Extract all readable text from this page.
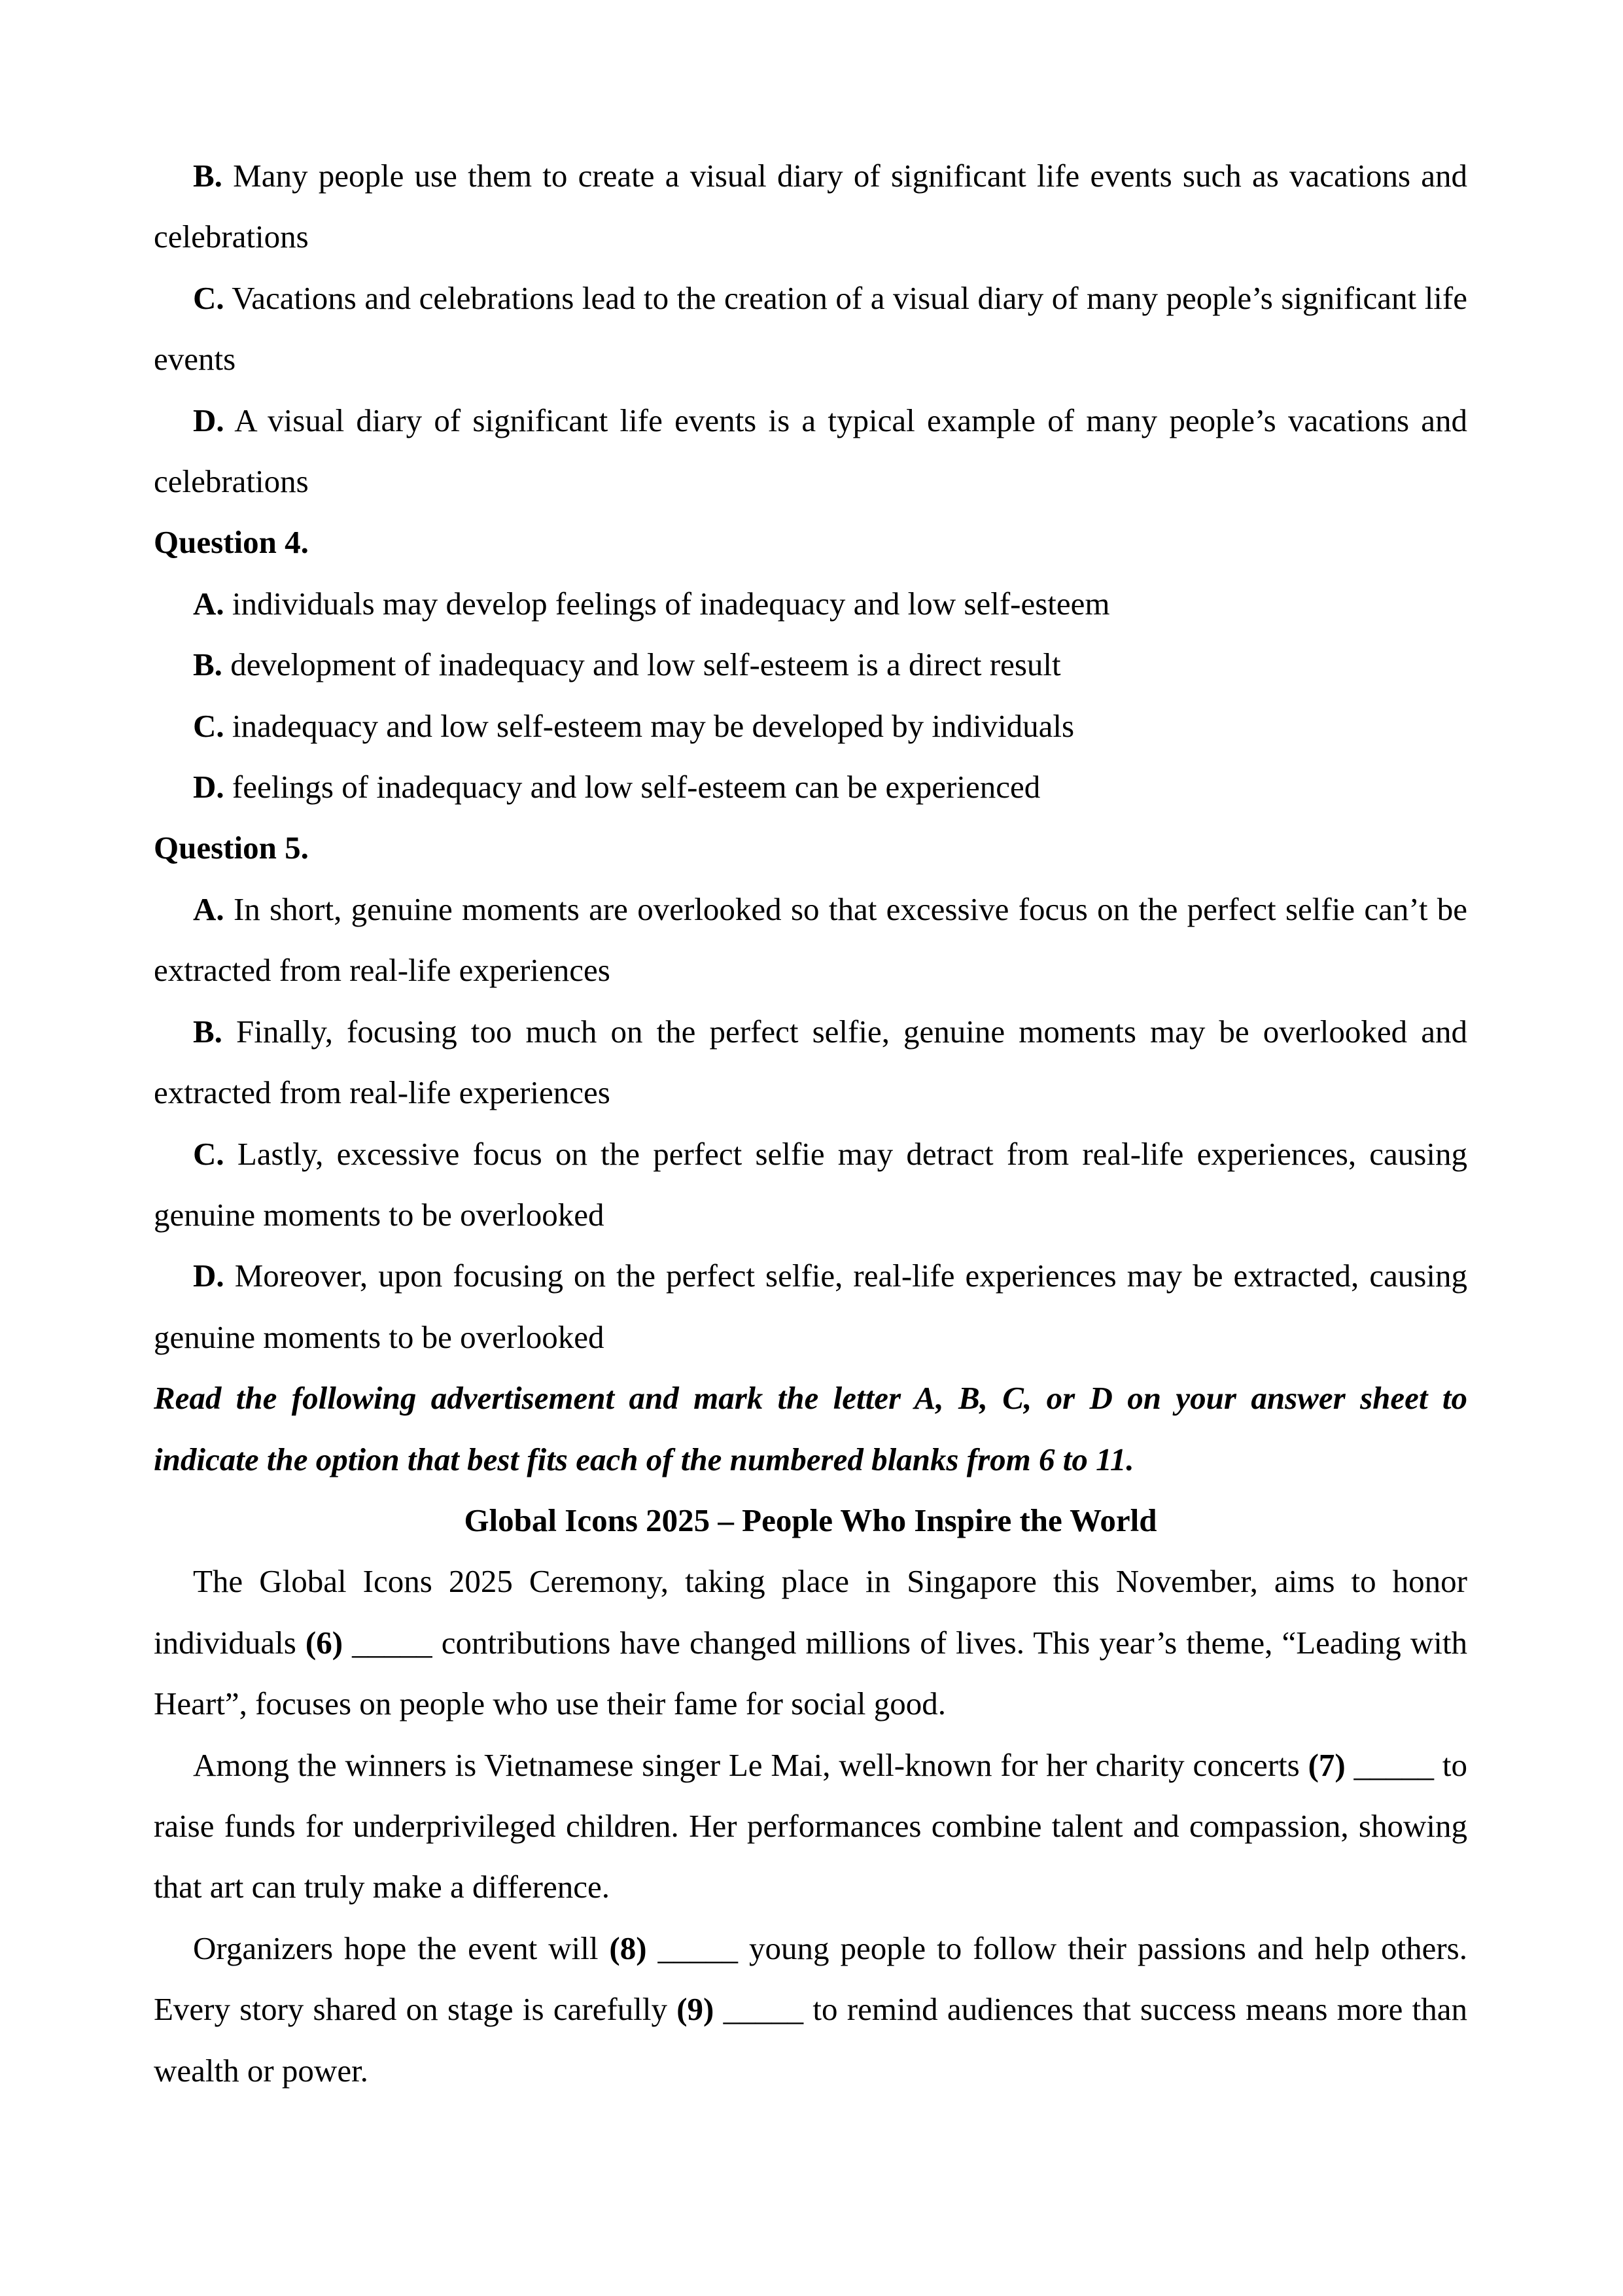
B. Many people use them to create a visual diary of significant life events such as vacations and celebrations

C. Vacations and celebrations lead to the creation of a visual diary of many people’s significant life events

D. A visual diary of significant life events is a typical example of many people’s vacations and celebrations

Question 4.

A. individuals may develop feelings of inadequacy and low self-esteem

B. development of inadequacy and low self-esteem is a direct result

C. inadequacy and low self-esteem may be developed by individuals

D. feelings of inadequacy and low self-esteem can be experienced

Question 5.

A. In short, genuine moments are overlooked so that excessive focus on the perfect selfie can’t be extracted from real-life experiences

B. Finally, focusing too much on the perfect selfie, genuine moments may be overlooked and extracted from real-life experiences

C. Lastly, excessive focus on the perfect selfie may detract from real-life experiences, causing genuine moments to be overlooked

D. Moreover, upon focusing on the perfect selfie, real-life experiences may be extracted, causing genuine moments to be overlooked

Read the following advertisement and mark the letter A, B, C, or D on your answer sheet to indicate the option that best fits each of the numbered blanks from 6 to 11.

Global Icons 2025 – People Who Inspire the World

The Global Icons 2025 Ceremony, taking place in Singapore this November, aims to honor individuals (6) _____ contributions have changed millions of lives. This year’s theme, “Leading with Heart”, focuses on people who use their fame for social good.

Among the winners is Vietnamese singer Le Mai, well-known for her charity concerts (7) _____ to raise funds for underprivileged children. Her performances combine talent and compassion, showing that art can truly make a difference.

Organizers hope the event will (8) _____ young people to follow their passions and help others. Every story shared on stage is carefully (9) _____ to remind audiences that success means more than wealth or power.
